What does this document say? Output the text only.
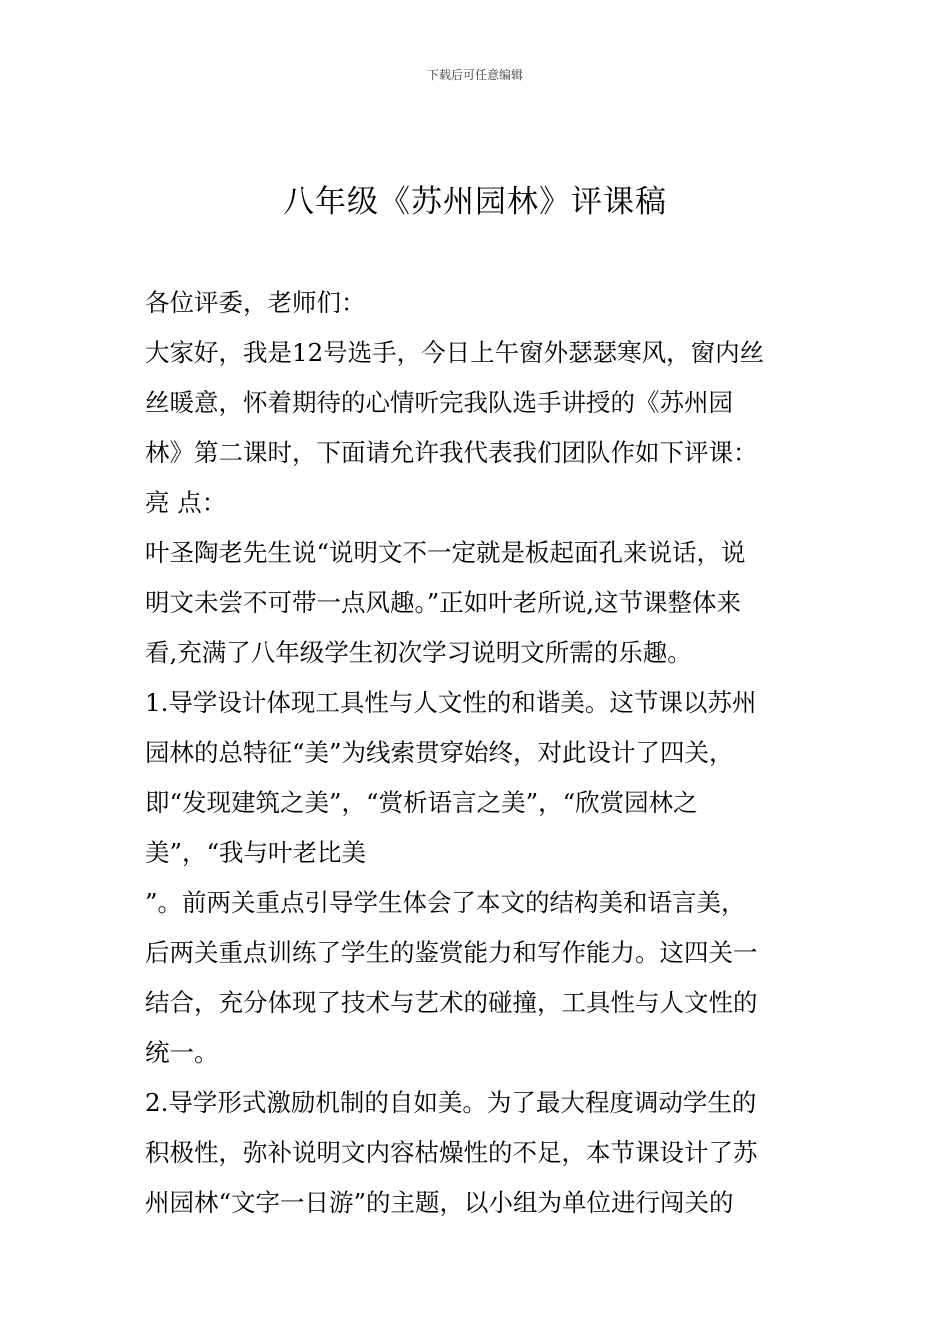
下载后可任意编辑
八年级《苏州园林》评课稿
各位评委，老师们：
大家好，我是12号选手，今日上午窗外瑟瑟寒风，窗内丝
丝暖意，怀着期待的心情听完我队选手讲授的《苏州园
林》第二课时，下面请允许我代表我们团队作如下评课：
亮 点：
叶圣陶老先生说“说明文不一定就是板起面孔来说话，说
明文未尝不可带一点风趣。”正如叶老所说,这节课整体来
看,充满了八年级学生初次学习说明文所需的乐趣。
1.导学设计体现工具性与人文性的和谐美。这节课以苏州
园林的总特征“美”为线索贯穿始终，对此设计了四关，
即“发现建筑之美”，“赏析语言之美”，“欣赏园林之
美”，“我与叶老比美
”。前两关重点引导学生体会了本文的结构美和语言美，
后两关重点训练了学生的鉴赏能力和写作能力。这四关一
结合，充分体现了技术与艺术的碰撞，工具性与人文性的
统一。
2.导学形式激励机制的自如美。为了最大程度调动学生的
积极性，弥补说明文内容枯燥性的不足，本节课设计了苏
州园林“文字一日游”的主题，以小组为单位进行闯关的
